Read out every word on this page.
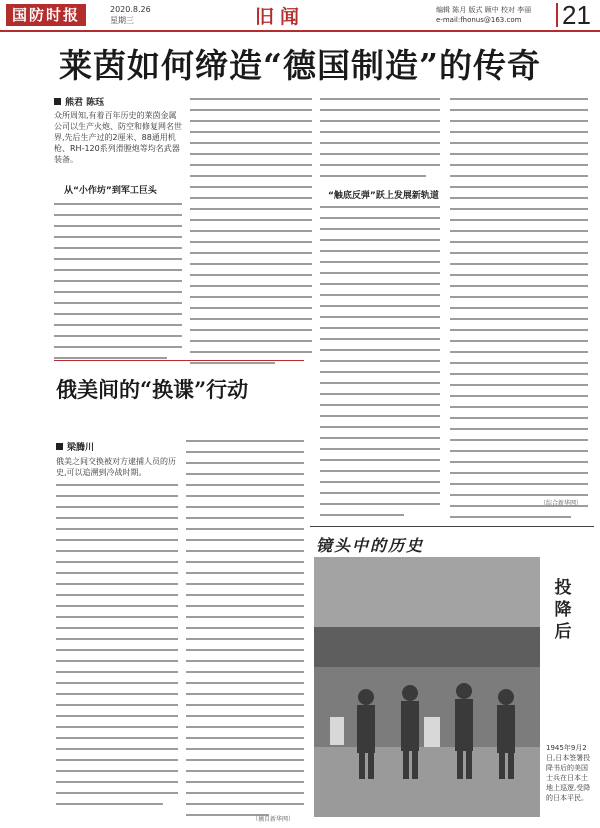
国防时报	2020.8.26
星期三	旧闻	编辑 陈月 版式 顾中 校对 李丽
e-mail:fhonus@163.com	21
莱茵如何缔造“德国制造”的传奇
熊君 陈珏
众所周知,有着百年历史的莱茵金属公司以生产火炮、防空和修复网名世界,先后生产过的2厘米、88通用机枪、RH-120系列滑膛炮等均名武器装备。
从“小作坊”到军工巨头	“触底反弹”跃上发展新轨道
（综合新华网）
俄美间的“换谍”行动
梁腾川
俄美之间交换被对方逮捕人员的历史,可以追溯到冷战时期。
（摘自新华网）
镜头中的历史
投降后
1945年9月2日,日本签署投降书后的美国士兵在日本土地上巡逻,受降的日本平民。
